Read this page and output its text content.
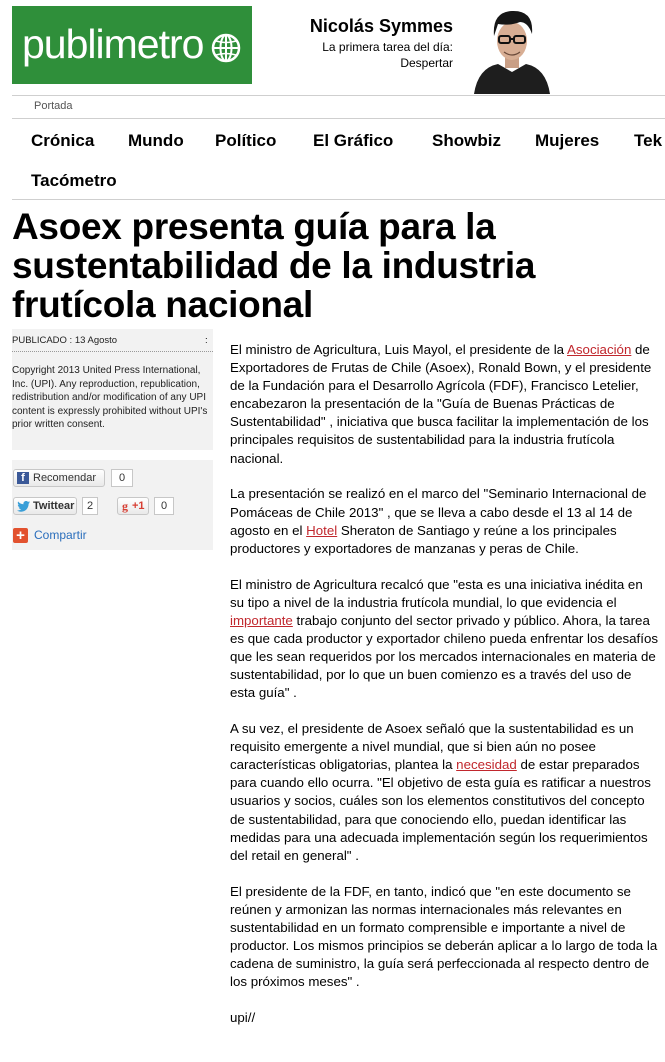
publimetro	Nicolás Symmes
La primera tarea del día:
Despertar
Portada
Crónica Mundo Político El Gráfico Showbiz Mujeres Tek
Tacómetro
Asoex presenta guía para la sustentabilidad de la industria frutícola nacional
PUBLICADO : 13 Agosto	:
Copyright 2013 United Press International, Inc. (UPI). Any reproduction, republication, redistribution and/or modification of any UPI content is expressly prohibited without UPI's prior written consent.
f Recomendar	0
Twittear	2	g +1	0
+ Compartir

El ministro de Agricultura, Luis Mayol, el presidente de la Asociación de Exportadores de Frutas de Chile (Asoex), Ronald Bown, y el presidente de la Fundación para el Desarrollo Agrícola (FDF), Francisco Letelier, encabezaron la presentación de la "Guía de Buenas Prácticas de Sustentabilidad" , iniciativa que busca facilitar la implementación de los principales requisitos de sustentabilidad para la industria frutícola nacional.

La presentación se realizó en el marco del "Seminario Internacional de Pomáceas de Chile 2013" , que se lleva a cabo desde el 13 al 14 de agosto en el Hotel Sheraton de Santiago y reúne a los principales productores y exportadores de manzanas y peras de Chile.

El ministro de Agricultura recalcó que "esta es una iniciativa inédita en su tipo a nivel de la industria frutícola mundial, lo que evidencia el importante trabajo conjunto del sector privado y público. Ahora, la tarea es que cada productor y exportador chileno pueda enfrentar los desafíos que les sean requeridos por los mercados internacionales en materia de sustentabilidad, por lo que un buen comienzo es a través del uso de esta guía" .

A su vez, el presidente de Asoex señaló que la sustentabilidad es un requisito emergente a nivel mundial, que si bien aún no posee características obligatorias, plantea la necesidad de estar preparados para cuando ello ocurra. "El objetivo de esta guía es ratificar a nuestros usuarios y socios, cuáles son los elementos constitutivos del concepto de sustentabilidad, para que conociendo ello, puedan identificar las medidas para una adecuada implementación según los requerimientos del retail en general" .

El presidente de la FDF, en tanto, indicó que "en este documento se reúnen y armonizan las normas internacionales más relevantes en sustentabilidad en un formato comprensible e importante a nivel de productor. Los mismos principios se deberán aplicar a lo largo de toda la cadena de suministro, la guía será perfeccionada al respecto dentro de los próximos meses" .

upi//
